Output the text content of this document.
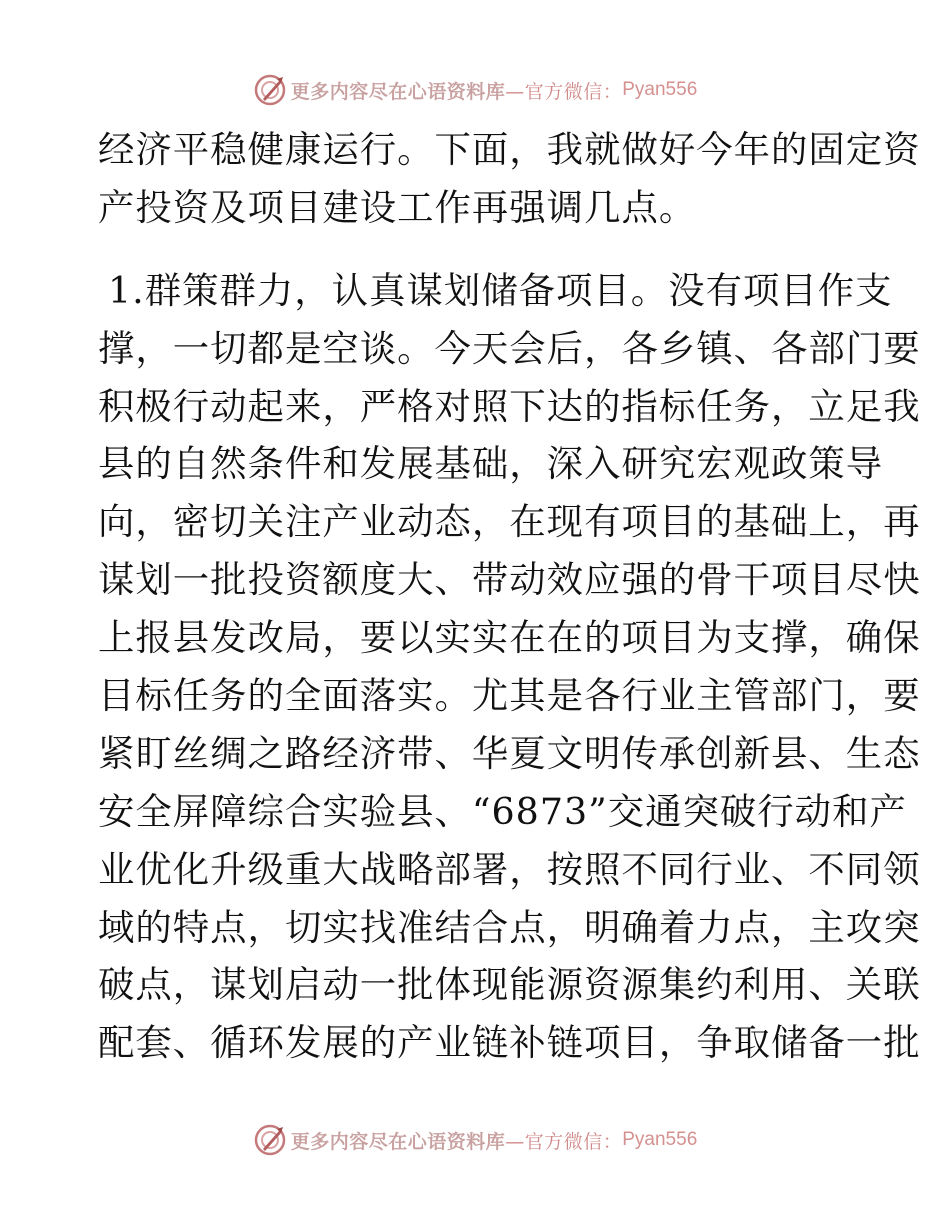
更多内容尽在心语资料库 —官方微信： Pyan556
经济平稳健康运行。下面，我就做好今年的固定资
产投资及项目建设工作再强调几点。
1.群策群力，认真谋划储备项目。没有项目作支
撑，一切都是空谈。今天会后，各乡镇、各部门要
积极行动起来，严格对照下达的指标任务，立足我
县的自然条件和发展基础，深入研究宏观政策导
向，密切关注产业动态，在现有项目的基础上，再
谋划一批投资额度大、带动效应强的骨干项目尽快
上报县发改局，要以实实在在的项目为支撑，确保
目标任务的全面落实。尤其是各行业主管部门，要
紧盯丝绸之路经济带、华夏文明传承创新县、生态
安全屏障综合实验县、“6873”交通突破行动和产
业优化升级重大战略部署，按照不同行业、不同领
域的特点，切实找准结合点，明确着力点，主攻突
破点，谋划启动一批体现能源资源集约利用、关联
配套、循环发展的产业链补链项目，争取储备一批
更多内容尽在心语资料库 —官方微信： Pyan556
